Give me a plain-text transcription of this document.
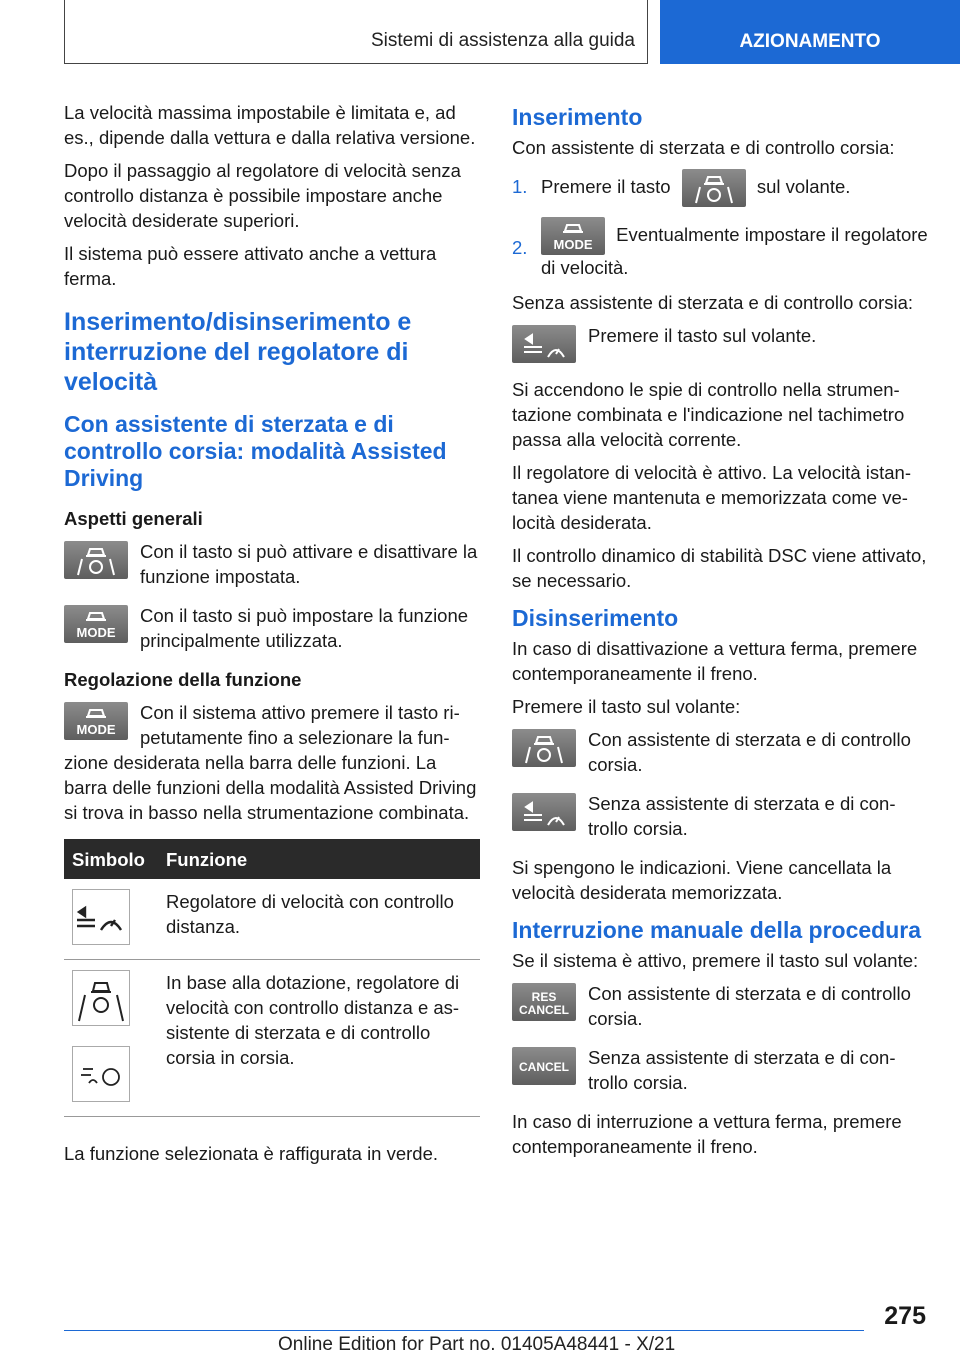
Sistemi di assistenza alla guida	AZIONAMENTO

La velocità massima impostabile è limitata e, ad es., dipende dalla vettura e dalla relativa versione.

Dopo il passaggio al regolatore di velocità senza controllo distanza è possibile impostare anche velocità desiderate superiori.

Il sistema può essere attivato anche a vettura ferma.

Inserimento/disinserimento e interruzione del regolatore di velocità
Con assistente di sterzata e di controllo corsia: modalità Assisted Driving
Aspetti generali
Con il tasto si può attivare e disattivare la funzione impostata.
MODE
Con il tasto si può impostare la funzione principalmente utilizzata.
Regolazione della funzione
MODE
Con il sistema attivo premere il tasto ripetutamente fino a selezionare la funzione desiderata nella barra delle funzioni. La barra delle funzioni della modalità Assisted Driving si trova in basso nella strumentazione combinata.
Simbolo	Funzione

	Regolatore di velocità con controllo distanza.

	In base alla dotazione, regolatore di velocità con controllo distanza e assistente di sterzata e di controllo corsia in corsia.

La funzione selezionata è raffigurata in verde.

Inserimento

Con assistente di sterzata e di controllo corsia:

1. Premere il tasto	sul volante.
2.	MODE	Eventualmente impostare il regolatore di velocità.

Senza assistente di sterzata e di controllo corsia:

Premere il tasto sul volante.

Si accendono le spie di controllo nella strumentazione combinata e l'indicazione nel tachimetro passa alla velocità corrente.

Il regolatore di velocità è attivo. La velocità istantanea viene mantenuta e memorizzata come velocità desiderata.

Il controllo dinamico di stabilità DSC viene attivato, se necessario.

Disinserimento

In caso di disattivazione a vettura ferma, premere contemporaneamente il freno.

Premere il tasto sul volante:

Con assistente di sterzata e di controllo corsia.
Senza assistente di sterzata e di controllo corsia.

Si spengono le indicazioni. Viene cancellata la velocità desiderata memorizzata.

Interruzione manuale della procedura

Se il sistema è attivo, premere il tasto sul volante:

RES
CANCEL
Con assistente di sterzata e di controllo corsia.
CANCEL	Senza assistente di sterzata e di controllo corsia.

In caso di interruzione a vettura ferma, premere contemporaneamente il freno.

275
Online Edition for Part no. 01405A48441 - X/21
